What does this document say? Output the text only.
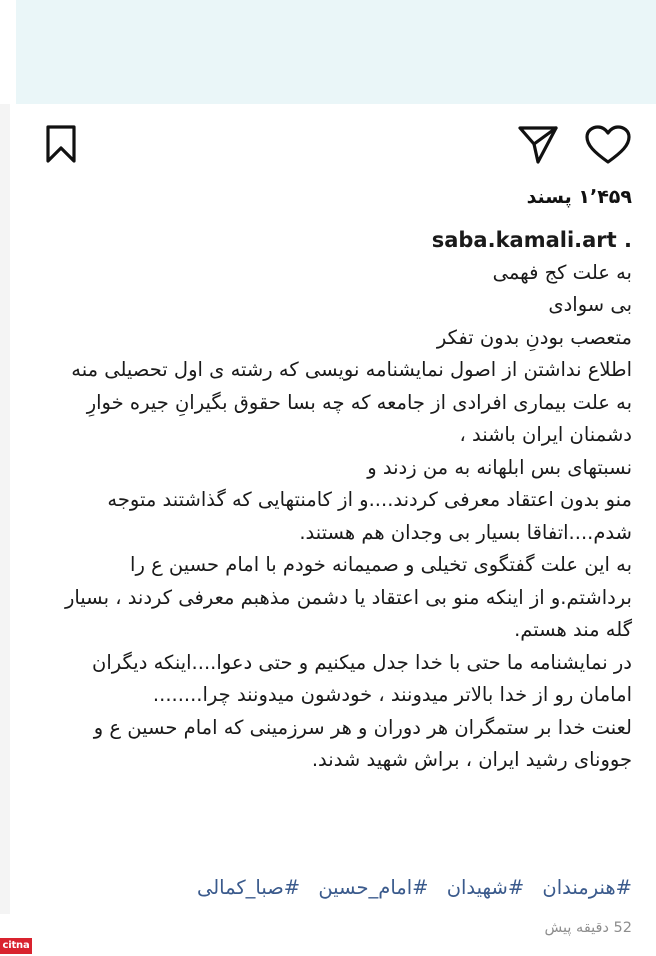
۱٬۴۵۹ پسند
saba.kamali.art .
به علت کج فهمی
بی سوادی
متعصب بودنِ بدون تفکر
اطلاع نداشتن از اصول نمایشنامه نویسی که رشته ی اول تحصیلی منه
به علت بیماری افرادی از جامعه که چه بسا حقوق بگیرانِ جیره خوارِ دشمنان ایران باشند ،
نسبتهای بس ابلهانه به من زدند و
منو بدون اعتقاد معرفی کردند....و از کامنتهایی که گذاشتند متوجه شدم....اتفاقا بسیار بی وجدان هم هستند.
به این علت گفتگوی تخیلی و صمیمانه خودم با امام حسین ع را برداشتم.و از اینکه منو بی اعتقاد یا دشمن مذهبم معرفی کردند ، بسیار گله مند هستم.
در نمایشنامه ما حتی با خدا جدل میکنیم و حتی دعوا....اینکه دیگران امامان رو از خدا بالاتر میدونند ، خودشون میدونند چرا........
لعنت خدا بر ستمگران هر دوران و هر سرزمینی که امام حسین ع و جوونای رشید ایران ، براش شهید شدند.
#هنرمندان #شهیدان #امام_حسین #صبا_کمالی
52 دقیقه پیش
citna
